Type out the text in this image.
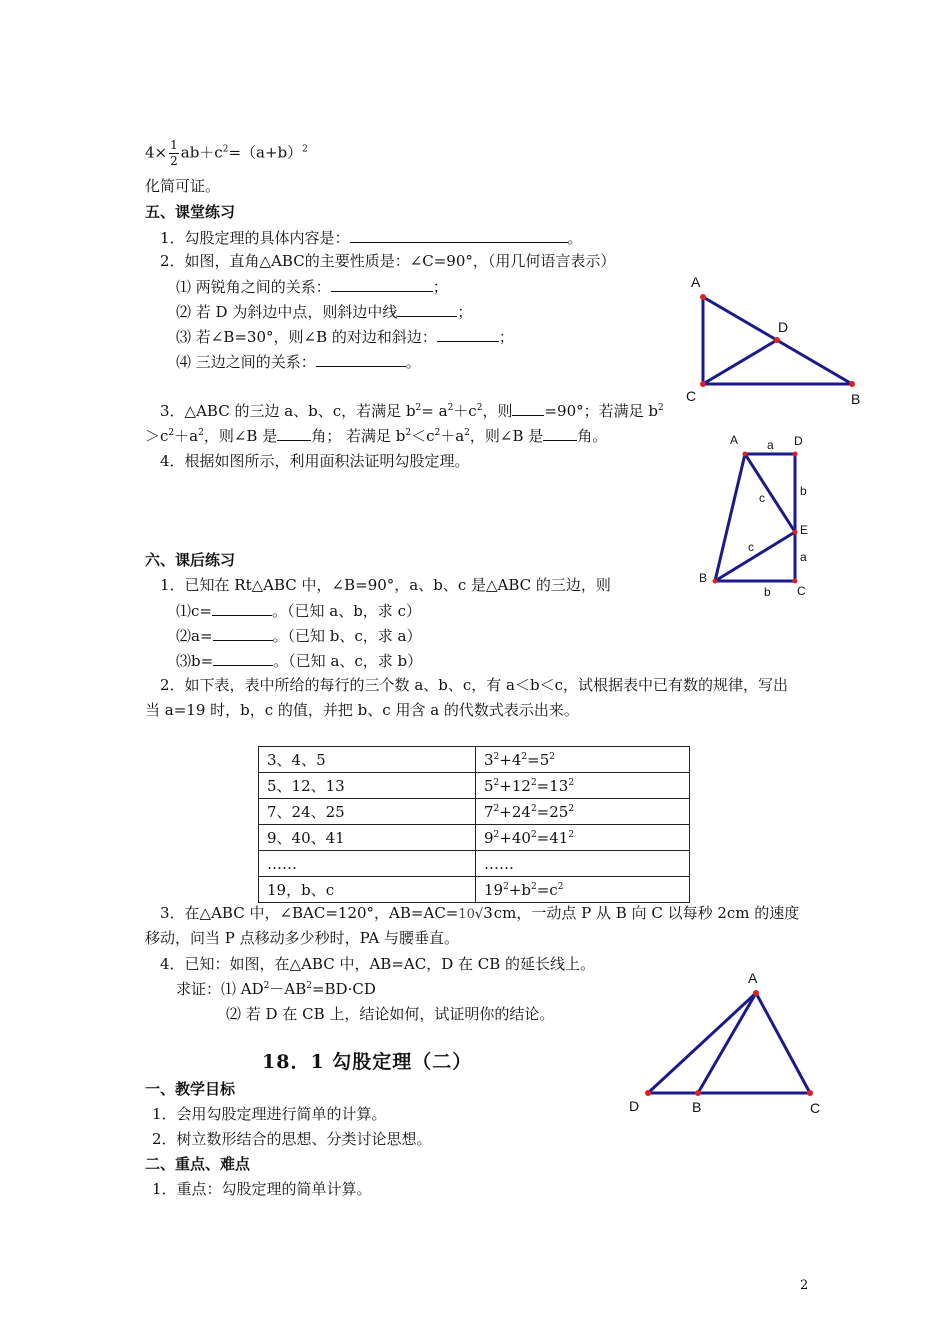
$4\times \frac{1}{2} ab+c^2=(a+b)^2$
化简可证。
五、课堂练习
1．勾股定理的具体内容是：	。
2．如图，直角△ABC的主要性质是：∠C=90°，（用几何语言表示）
⑴ 两锐角之间的关系：	；
⑵ 若 D 为斜边中点，则斜边中线	；
⑶ 若∠B=30°，则∠B 的对边和斜边：	；
⑷ 三边之间的关系：	。
3．△ABC 的三边 a、b、c，若满足 $b^2= a^2+c^2$，则 =90°；若满足 $b^2$
$>c^2+a^2$，则∠B 是 角； 若满足 $b^2<c^2+a^2$，则∠B 是 角。
4．根据如图所示，利用面积法证明勾股定理。
A
C	B
D
A a D
b
c
E
c
a
B
b C
六、课后练习
1．已知在 Rt△ABC 中，∠B=90°，a、b、c 是△ABC 的三边，则
⑴c=	。（已知 a、b，求 c）
⑵a=	。（已知 b、c，求 a）
⑶b=	。（已知 a、c，求 b）
2．如下表，表中所给的每行的三个数 a、b、c，有 a＜b＜c，试根据表中已有数的规律，写出
当 a=19 时，b，c 的值，并把 b、c 用含 a 的代数式表示出来。
3、4、5	$3^2+4^2=5^2$
5、12、13	$5^2+12^2=13^2$
7、24、25	$7^2+24^2=25^2$
9、40、41	$9^2+40^2=41^2$
……	……
19，b、c	$19^2+b^2=c^2$
3．在△ABC 中，∠BAC=120°，AB=AC=10√3cm，一动点 P 从 B 向 C 以每秒 2cm 的速度
移动，问当 P 点移动多少秒时，PA 与腰垂直。
4．已知：如图，在△ABC 中，AB=AC，D 在 CB 的延长线上。
求证：⑴ $AD^2-AB^2=BD\cdot CD$
⑵ 若 D 在 CB 上，结论如何，试证明你的结论。
A
D	B	C
18．1 勾股定理（二）
一、教学目标
1．会用勾股定理进行简单的计算。
2．树立数形结合的思想、分类讨论思想。
二、重点、难点
1．重点：勾股定理的简单计算。
2
